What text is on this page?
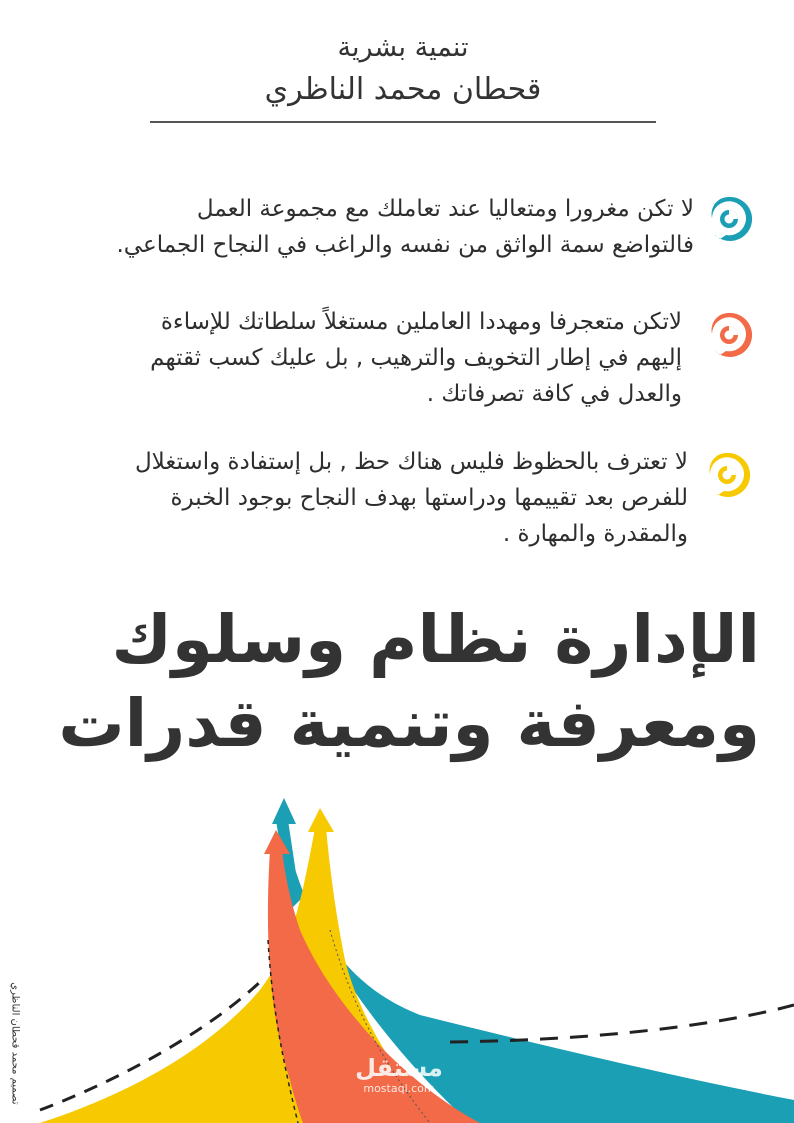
تنمية بشرية
قحطان محمد الناظري
لا تكن مغرورا ومتعاليا عند تعاملك مع مجموعة العمل
فالتواضع سمة الواثق من نفسه والراغب في النجاح الجماعي.
لاتكن متعجرفا ومهددا العاملين مستغلاً سلطاتك للإساءة
إليهم في إطار التخويف والترهيب , بل عليك كسب ثقتهم
والعدل في كافة تصرفاتك .
لا تعترف بالحظوظ فليس هناك حظ , بل إستفادة واستغلال
للفرص بعد تقييمها ودراستها بهدف النجاح بوجود الخبرة
والمقدرة والمهارة .
الإدارة نظام وسلوك
ومعرفة وتنمية قدرات
تصميم محمد قحطان الناظري	مستقل
mostaql.com
